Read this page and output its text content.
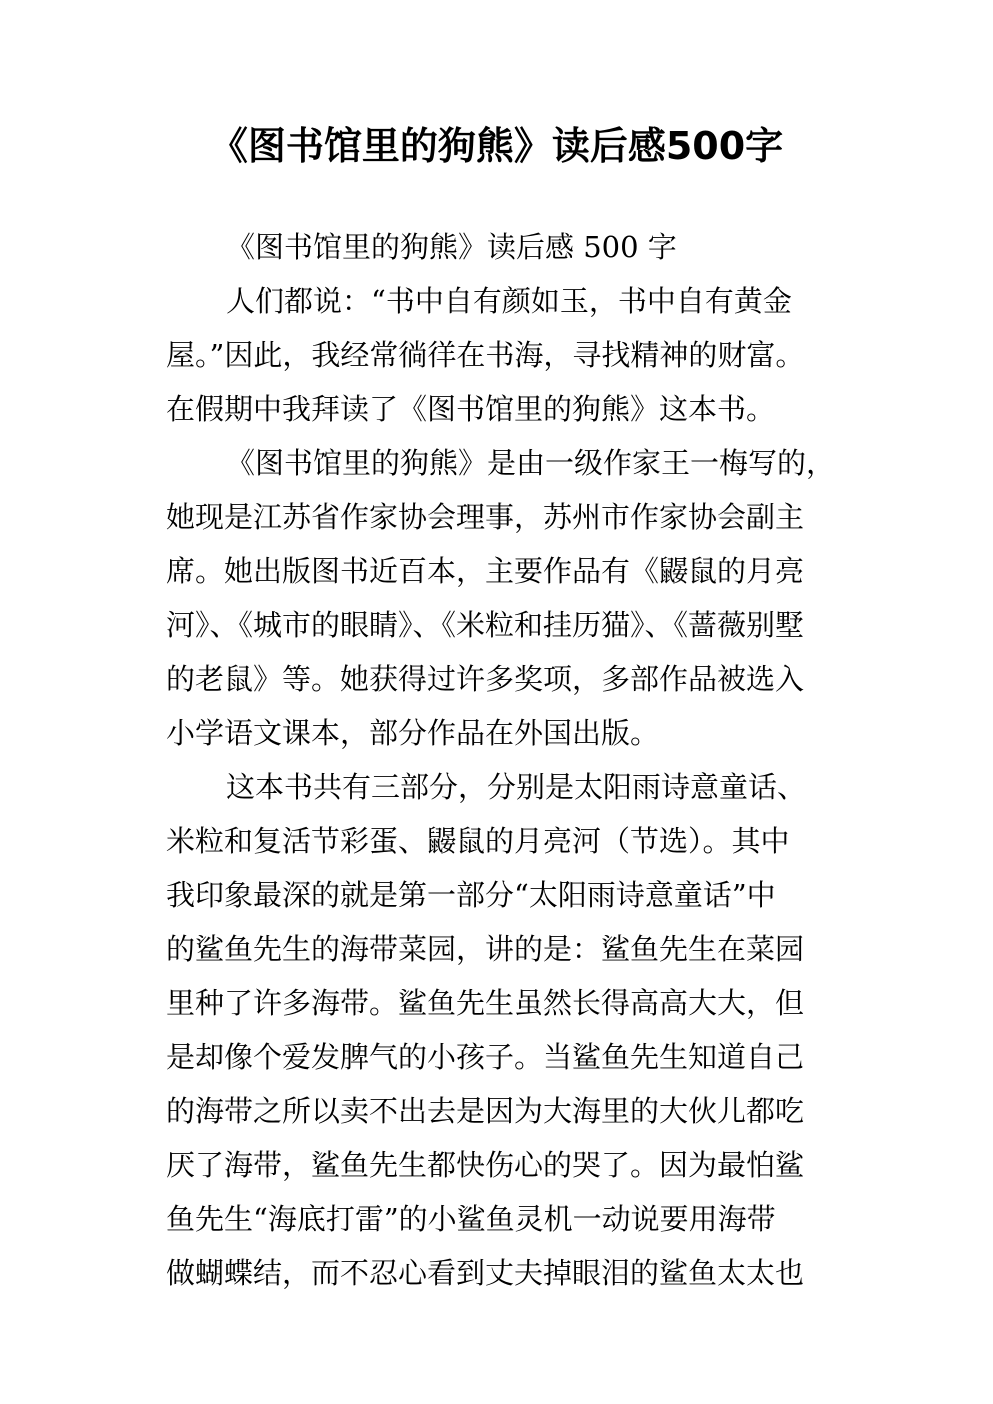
《图书馆里的狗熊》读后感500字
《图书馆里的狗熊》读后感 500 字
人们都说：“书中自有颜如玉，书中自有黄金
屋。”因此，我经常徜徉在书海，寻找精神的财富。
在假期中我拜读了《图书馆里的狗熊》这本书。
《图书馆里的狗熊》是由一级作家王一梅写的，
她现是江苏省作家协会理事，苏州市作家协会副主
席。她出版图书近百本，主要作品有《鼹鼠的月亮
河》、《城市的眼睛》、《米粒和挂历猫》、《蔷薇别墅
的老鼠》等。她获得过许多奖项，多部作品被选入
小学语文课本，部分作品在外国出版。
这本书共有三部分，分别是太阳雨诗意童话、
米粒和复活节彩蛋、鼹鼠的月亮河（节选）。其中
我印象最深的就是第一部分“太阳雨诗意童话”中
的鲨鱼先生的海带菜园，讲的是：鲨鱼先生在菜园
里种了许多海带。鲨鱼先生虽然长得高高大大，但
是却像个爱发脾气的小孩子。当鲨鱼先生知道自己
的海带之所以卖不出去是因为大海里的大伙儿都吃
厌了海带，鲨鱼先生都快伤心的哭了。因为最怕鲨
鱼先生“海底打雷”的小鲨鱼灵机一动说要用海带
做蝴蝶结，而不忍心看到丈夫掉眼泪的鲨鱼太太也
